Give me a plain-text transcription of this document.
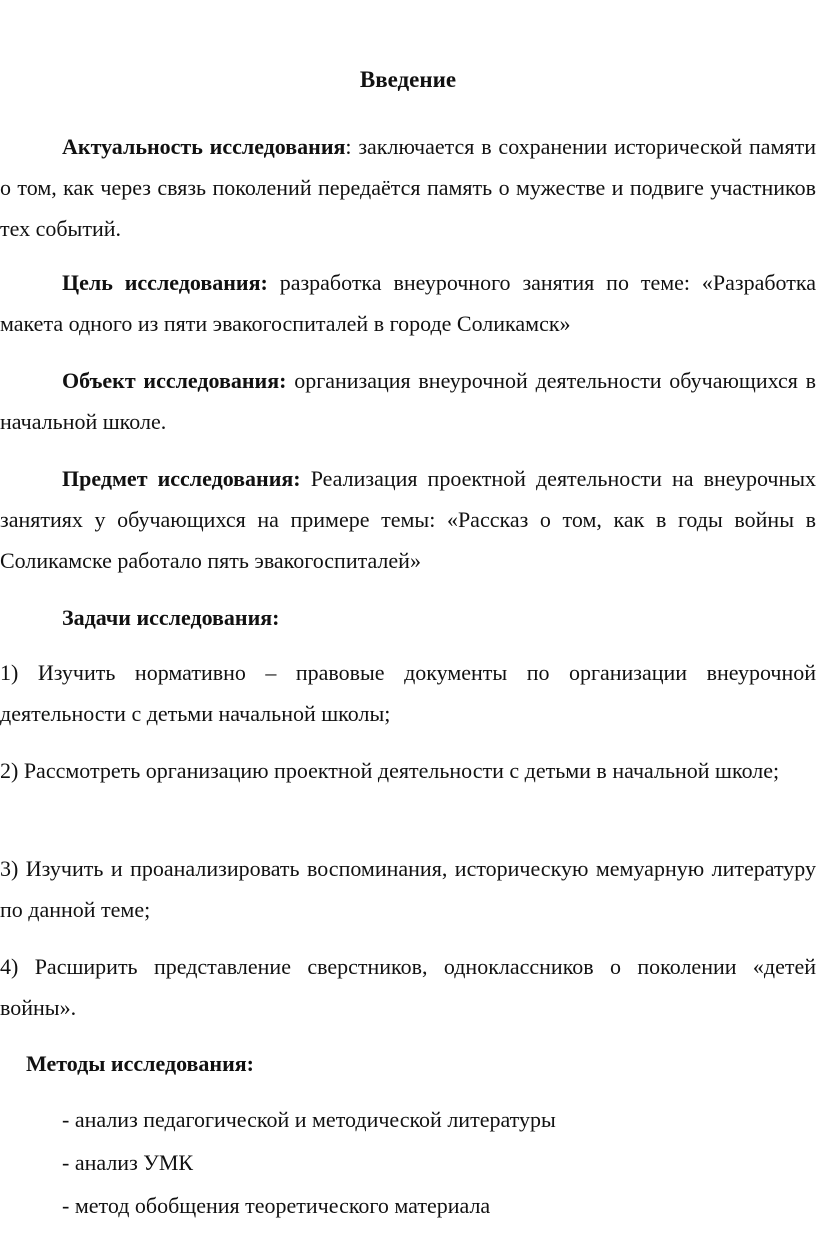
Введение

Актуальность исследования: заключается в сохранении исторической памяти о том, как через связь поколений передаётся память о мужестве и подвиге участников тех событий.

Цель исследования: разработка внеурочного занятия по теме: «Разработка макета одного из пяти эвакогоспиталей в городе Соликамск»

Объект исследования: организация внеурочной деятельности обучающихся в начальной школе.

Предмет исследования: Реализация проектной деятельности на внеурочных занятиях у обучающихся на примере темы: «Рассказ о том, как в годы войны в Соликамске работало пять эвакогоспиталей»

Задачи исследования:

1) Изучить нормативно – правовые документы по организации внеурочной деятельности с детьми начальной школы;

2) Рассмотреть организацию проектной деятельности с детьми в начальной школе;

3) Изучить и проанализировать воспоминания, историческую мемуарную литературу по данной теме;

4) Расширить представление сверстников, одноклассников о поколении «детей войны».

Методы исследования:

- анализ педагогической и методической литературы

- анализ УМК

- метод обобщения теоретического материала
